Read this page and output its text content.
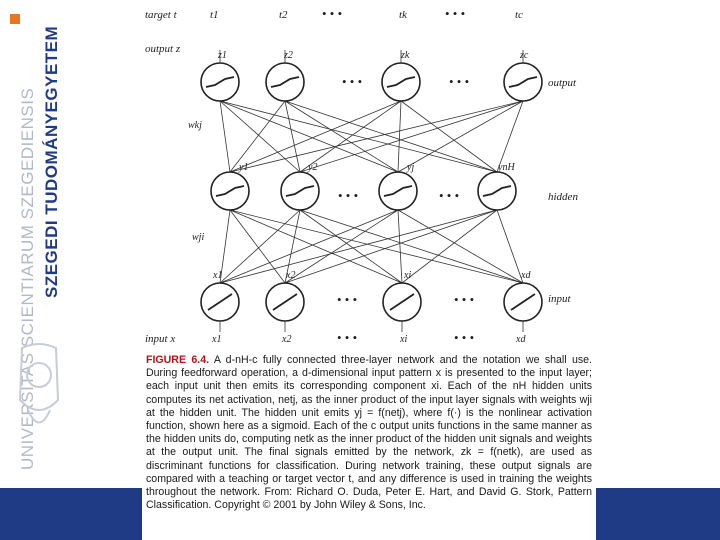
SZEGEDI TUDOMÁNYEGYETEM
UNIVERSITAS SCIENTIARUM SZEGEDIENSIS
target t
output z
input x
output
hidden
input
wkj
wji
• • •	• • •
• • •	• • •
• • •	• • •
• • •	• • •
• • •	• • •
t1	t2	tk	tc
z1	z2	zk	zc
y1	y2	yj	ynH
x1	x2	xi	xd
x1	x2	xi	xd
FIGURE 6.4. A d-nH-c fully connected three-layer network and the notation we shall use. During feedforward operation, a d-dimensional input pattern x is presented to the input layer; each input unit then emits its corresponding component xi. Each of the nH hidden units computes its net activation, netj, as the inner product of the input layer signals with weights wji at the hidden unit. The hidden unit emits yj = f(netj), where f(·) is the nonlinear activation function, shown here as a sigmoid. Each of the c output units functions in the same manner as the hidden units do, computing netk as the inner product of the hidden unit signals and weights at the output unit. The final signals emitted by the network, zk = f(netk), are used as discriminant functions for classification. During network training, these output signals are compared with a teaching or target vector t, and any difference is used in training the weights throughout the network. From: Richard O. Duda, Peter E. Hart, and David G. Stork, Pattern Classification. Copyright © 2001 by John Wiley & Sons, Inc.
